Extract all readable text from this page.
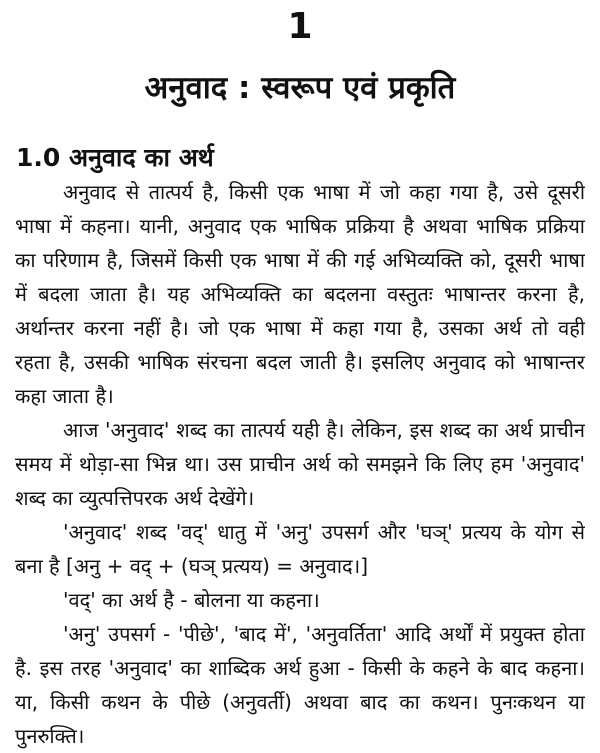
1
अनुवाद : स्वरूप एवं प्रकृति
1.0 अनुवाद का अर्थ
अनुवाद से तात्पर्य है, किसी एक भाषा में जो कहा गया है, उसे दूसरी
भाषा में कहना। यानी, अनुवाद एक भाषिक प्रक्रिया है अथवा भाषिक प्रक्रिया
का परिणाम है, जिसमें किसी एक भाषा में की गई अभिव्यक्ति को, दूसरी भाषा
में बदला जाता है। यह अभिव्यक्ति का बदलना वस्तुतः भाषान्तर करना है,
अर्थान्तर करना नहीं है। जो एक भाषा में कहा गया है, उसका अर्थ तो वही
रहता है, उसकी भाषिक संरचना बदल जाती है। इसलिए अनुवाद को भाषान्तर
कहा जाता है।
आज 'अनुवाद' शब्द का तात्पर्य यही है। लेकिन, इस शब्द का अर्थ प्राचीन
समय में थोड़ा-सा भिन्न था। उस प्राचीन अर्थ को समझने कि लिए हम 'अनुवाद'
शब्द का व्युत्पत्तिपरक अर्थ देखेंगे।
'अनुवाद' शब्द 'वद्' धातु में 'अनु' उपसर्ग और 'घञ्' प्रत्यय के योग से
बना है [अनु + वद् + (घञ् प्रत्यय) = अनुवाद।]
'वद्' का अर्थ है - बोलना या कहना।
'अनु' उपसर्ग - 'पीछे', 'बाद में', 'अनुवर्तिता' आदि अर्थों में प्रयुक्त होता
है. इस तरह 'अनुवाद' का शाब्दिक अर्थ हुआ - किसी के कहने के बाद कहना।
या, किसी कथन के पीछे (अनुवर्ती) अथवा बाद का कथन। पुनःकथन या
पुनरुक्ति।
